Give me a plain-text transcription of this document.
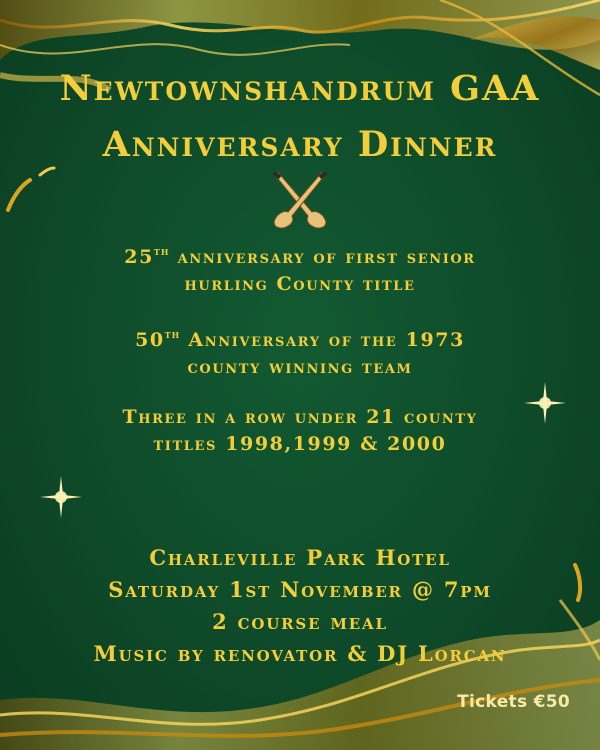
Newtownshandrum GAA
Anniversary Dinner
25th anniversary of first senior
hurling County title
50th Anniversary of the 1973
county winning team
Three in a row under 21 county
titles 1998,1999 & 2000
Charleville Park Hotel
Saturday 1st November @ 7pm
2 course meal
Music by renovator & DJ Lorcan
Tickets €50
